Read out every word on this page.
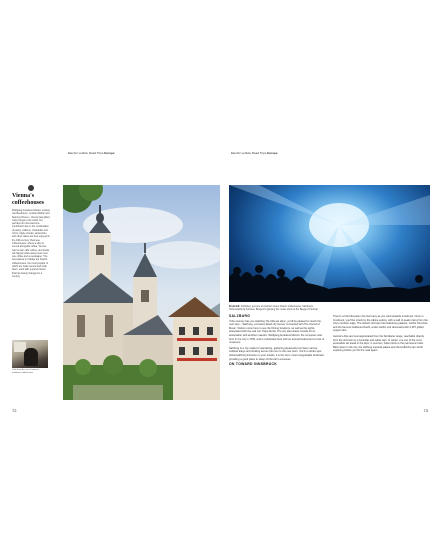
Electric vehicle Road Trips Europe
Vienna's coffeehouses

Wolfgang Amadeus Mozart, Ludwig van Beethoven, Gustav Mahler and Sigmund Freud – Vienna has gifted many things to the world, but perhaps its most welcome contribution lies in the combination of pastry, caffeine, chandelier and mirror. Apple strudel, sachertorte and other cakes are best enjoyed in the 19th-century Viennese coffeehouses, where a slice is served alongside coffee. Vienna has its own café culture, and locals will happily while away hours over one coffee and a newspaper. The best places to indulge are historic coffeehouses, the most popular of which are Café Central and Café Sperl, each with a grand interior that has barely changed in a century.

Café Hawelka, one of Vienna's traditional coffeehouses
72
Electric vehicle Road Trips Europe
From left: Kitzbühel, just one of Austria's many historic coffeehouse; Salzburg's Hohensalzburg Fortress; Bregenz's glowing live music show at the Bregenz Festival
SALZBURG

If the scenery has you warbling 'the hills are alive', you'll be pleased to reach the next stop – Salzburg, a Unesco-listed city forever connected with The Sound of Music. Visitors come here to see the filming locations, as well as the sights associated with the real von Trapp family. The city also draws crowds for its association with another maestro: Wolfgang Amadeus Mozart, the composer was born in the city in 1756, and is celebrated here with an annual festival and a host of museums.

Salzburg is a city made for wandering, gathering pleasantly lost down narrow cobbled alleys and strolling across the river to the new town. You'll no doubt spot Hohensalzburg Fortress on your travels; it is the city's most recognisable landmark, providing a good place to sleep off the fair's excesses.

ON TOWARD INNSBRUCK

There's a brief diversion into Germany as you wind towards Innsbruck. Once in Innsbruck, you'll be struck by the Alpine setting, with a wall of peaks rising from the city's northern edge. The historic old town has Habsburg palaces, Gothic churches and the famous Goldenes Dachl, a late Gothic roof decorated with 2,657 gilded copper tiles.

Austria's Alps are best appreciated from the Nordkette range, reachable directly from the old town by a funicular and cable cars. In winter, it is one of the most accessible ski areas in the Alps; in summer, hikers flock to the panoramic trails. Back down in the city, the Hofburg imperial palace and the Hofkirche are worth exploring before you hit the road again.

73
